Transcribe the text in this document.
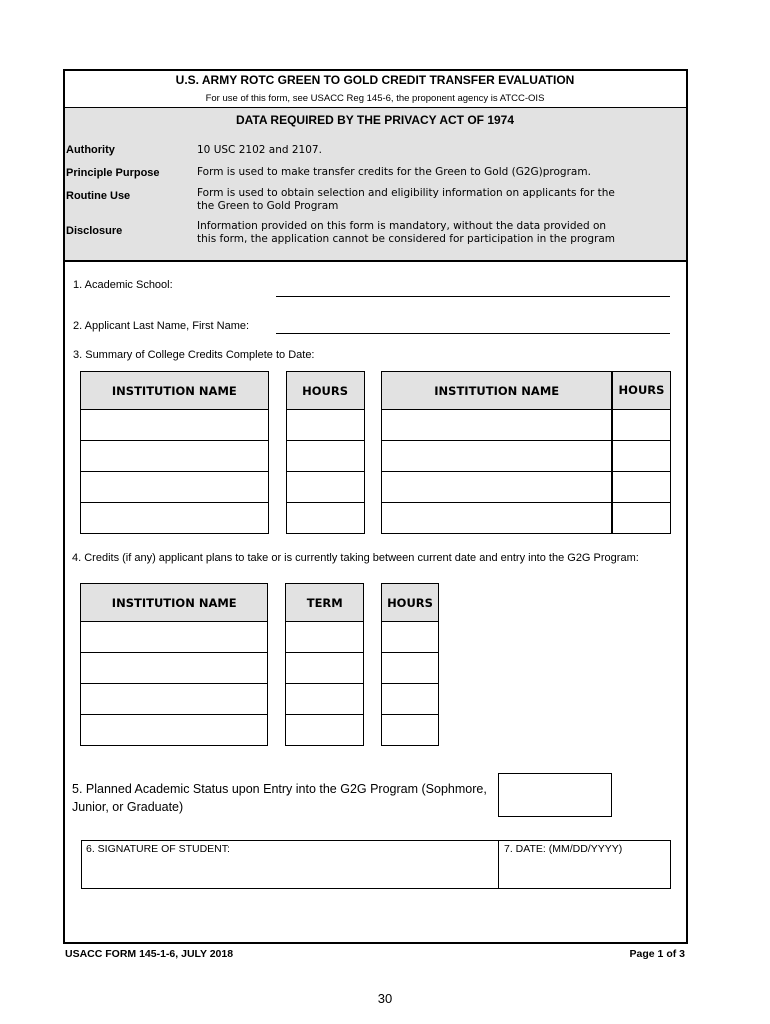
U.S. ARMY ROTC GREEN TO GOLD CREDIT TRANSFER EVALUATION
For use of this form, see USACC Reg 145-6, the proponent agency is ATCC-OIS
DATA REQUIRED BY THE PRIVACY ACT OF 1974
Authority	10 USC 2102 and 2107.
Principle Purpose	Form is used to make transfer credits for the Green to Gold (G2G)program.
Routine Use	Form is used to obtain selection and eligibility information on applicants for the the Green to Gold Program
Disclosure	Information provided on this form is mandatory, without the data provided on this form, the application cannot be considered for participation in the program
1. Academic School:
2. Applicant Last Name, First Name:
3. Summary of College Credits Complete to Date:
INSTITUTION NAME		HOURS		INSTITUTION NAME		HOURS

4. Credits (if any) applicant plans to take or is currently taking between current date and entry into the G2G Program:
INSTITUTION NAME		TERM		HOURS

5. Planned Academic Status upon Entry into the G2G Program (Sophmore, Junior, or Graduate)
6. SIGNATURE OF STUDENT:	7. DATE: (MM/DD/YYYY)
USACC FORM 145-1-6, JULY 2018	Page 1 of 3
30
